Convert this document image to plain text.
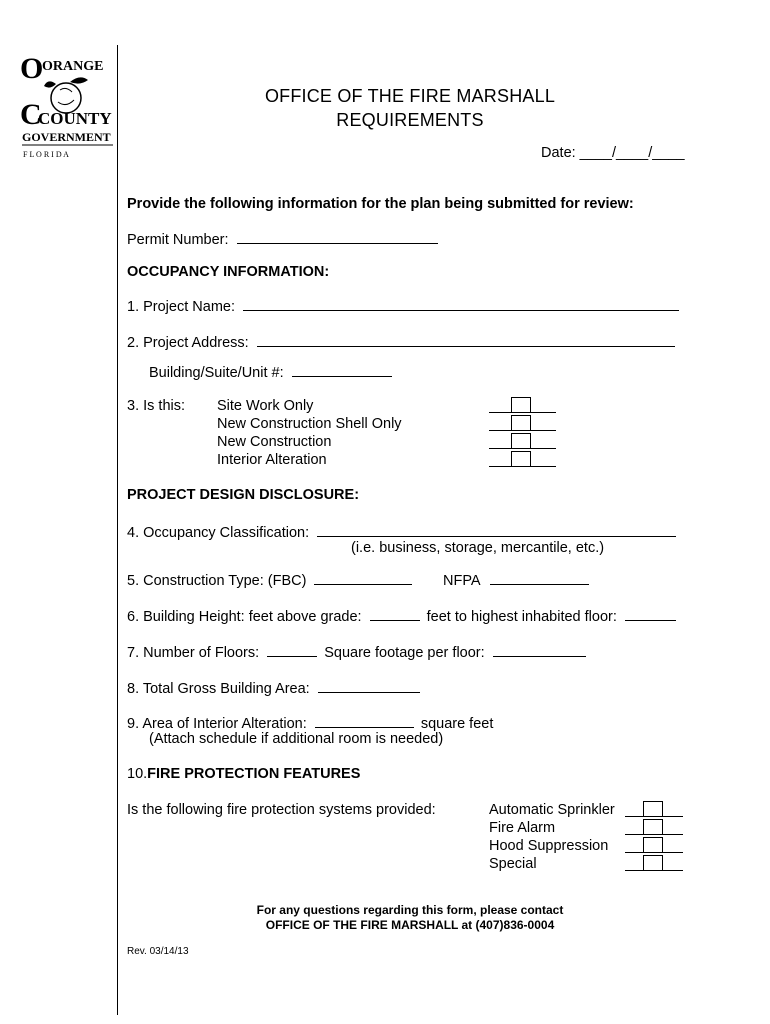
O
ORANGE
C
COUNTY
GOVERNMENT
F L O R I D A
OFFICE OF THE FIRE MARSHALL
REQUIREMENTS
Date: ____/____/____
Provide the following information for the plan being submitted for review:
Permit Number:
OCCUPANCY INFORMATION:
1. Project Name:
2. Project Address:
Building/Suite/Unit #:
3. Is this: Site Work Only
New Construction Shell Only
New Construction
Interior Alteration
PROJECT DESIGN DISCLOSURE:
4. Occupancy Classification:
(i.e. business, storage, mercantile, etc.)
5. Construction Type: (FBC)	NFPA
6. Building Height: feet above grade:	feet to highest inhabited floor:
7. Number of Floors:	Square footage per floor:
8. Total Gross Building Area:
9. Area of Interior Alteration:	square feet
(Attach schedule if additional room is needed)
10.FIRE PROTECTION FEATURES
Is the following fire protection systems provided:	Automatic Sprinkler
Fire Alarm
Hood Suppression
Special
For any questions regarding this form, please contact
OFFICE OF THE FIRE MARSHALL at (407)836-0004
Rev. 03/14/13
